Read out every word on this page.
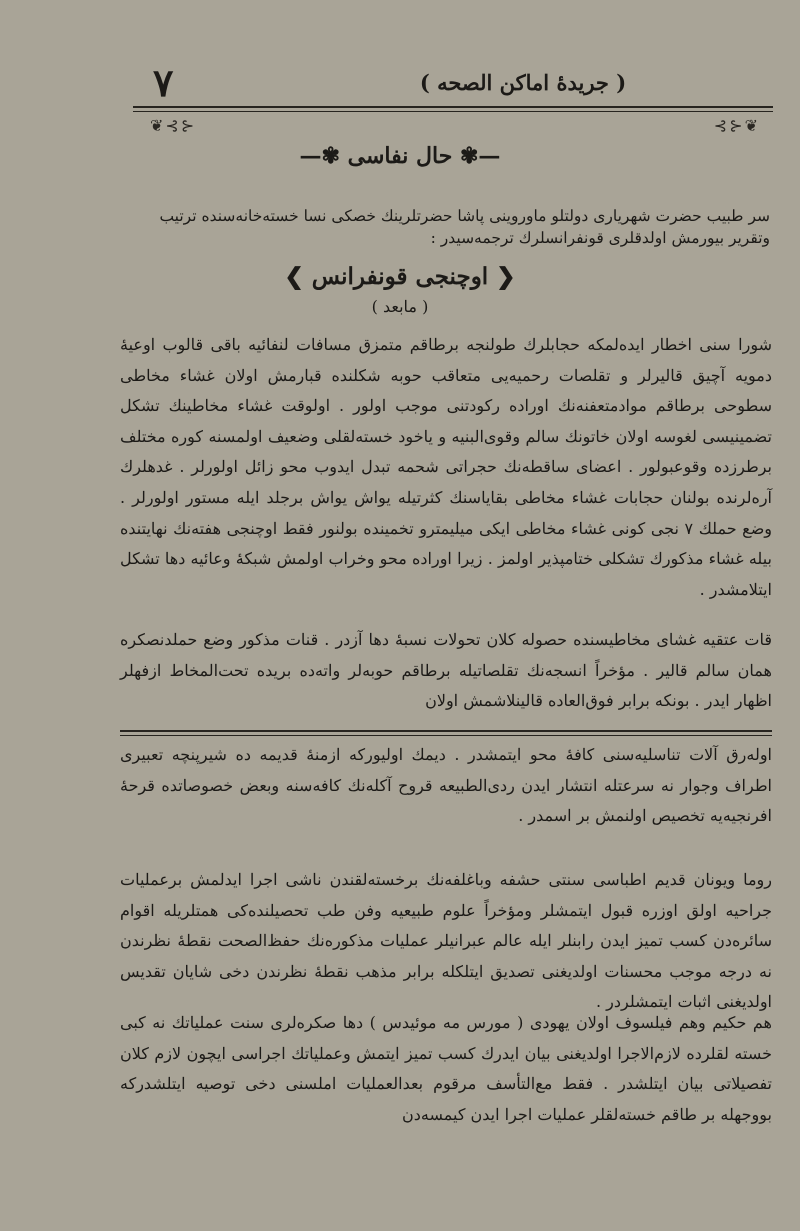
٧	( جریدهٔ اماکن الصحه )
❦⊰⊱	⊰⊱❦
—✾ حال نفاسی ✾—
سر طبیب حضرت شهریاری دولتلو ماوروینی پاشا حضرتلرینك خصکی نسا خسته‌خانه‌سنده ترتیب وتقریر بیورمش اولدقلری قونفرانسلرك ترجمه‌سیدر :
❮ اوچنجی قونفرانس ❯
( مابعد )

شورا سنی اخطار ایده‌لمکه حجابلرك طولنجه برطاقم متمزق مسافات لنفائیه باقی قالوب اوعیهٔ دمویه آچیق قالیرلر و تقلصات رحمیه‌یی متعاقب حوبه شکلنده قبارمش اولان غشاء مخاطی سطوحی برطاقم موادمتعفنه‌نك اوراده رکودتنی موجب اولور . اولوقت غشاء مخاطینك تشکل تضمینیسی لغوسه اولان خاتونك سالم وقوی‌البنیه و یاخود خسته‌لقلی وضعیف اولمسنه کوره مختلف برطرزده وقوعبولور . اعضای ساقطه‌نك حجراتی شحمه تبدل ایدوب محو زائل اولورلر . غدهلرك آره‌لرنده بولنان حجابات غشاء مخاطی بقایاسنك کثرتیله یواش یواش برجلد ایله مستور اولورلر . وضع حملك ٧ نجی کونی غشاء مخاطی ایکی میلیمترو تخمینده بولنور فقط اوچنجی هفته‌نك نهایتنده بیله غشاء مذکورك تشکلی ختامپذیر اولمز . زیرا اوراده محو وخراب اولمش شبکهٔ وعائیه دها تشکل ایتلامشدر .

قات عتقیه غشای مخاطیسنده حصوله کلان تحولات نسبهٔ دها آزدر . قنات مذکور وضع حملدنصکره همان سالم قالیر . مؤخراً انسجه‌نك تقلصاتیله برطاقم حوبه‌لر واته‌ده بریده تحت‌المخاط ازفهلر اظهار ایدر . بونکه برابر فوق‌العاده قالینلاشمش اولان

اوله‌رق آلات تناسلیه‌سنی کافهٔ محو ایتمشدر . دیمك اولیورکه ازمنهٔ قدیمه ده شیرپنچه تعبیری اطراف وجوار نه سرعتله انتشار ایدن ردی‌الطبیعه قروح آکله‌نك کافه‌سنه وبعض خصوصاتده قرحهٔ افرنجیه‌یه تخصیص اولنمش بر اسمدر .

روما ویونان قدیم اطباسی سنتی حشفه وباغلفه‌نك برخسته‌لقندن ناشی اجرا ایدلمش برعملیات جراحیه اولق اوزره قبول ایتمشلر ومؤخراً علوم طبیعیه وفن طب تحصیلنده‌کی همتلریله اقوام سائره‌دن کسب تمیز ایدن رابنلر ایله عالم عبرانیلر عملیات مذکوره‌نك حفظ‌الصحت نقطهٔ نظرندن نه درجه موجب محسنات اولدیغنی تصدیق ایتلکله برابر مذهب نقطهٔ نظرندن دخی شایان تقدیس اولدیغنی اثبات ایتمشلردر .

هم حکیم وهم فیلسوف اولان یهودی ( مورس مه موئیدس ) دها صکره‌لری سنت عملیاتك نه کبی خسته لقلرده لازم‌الاجرا اولدیغنی بیان ایدرك کسب تمیز ایتمش وعملیاتك اجراسی ایچون لازم کلان تفصیلاتی بیان ایتلشدر . فقط مع‌التأسف مرقوم بعدالعملیات املسنی دخی توصیه ایتلشدرکه بووجهله بر طاقم خسته‌لقلر عملیات اجرا ایدن کیمسه‌دن
